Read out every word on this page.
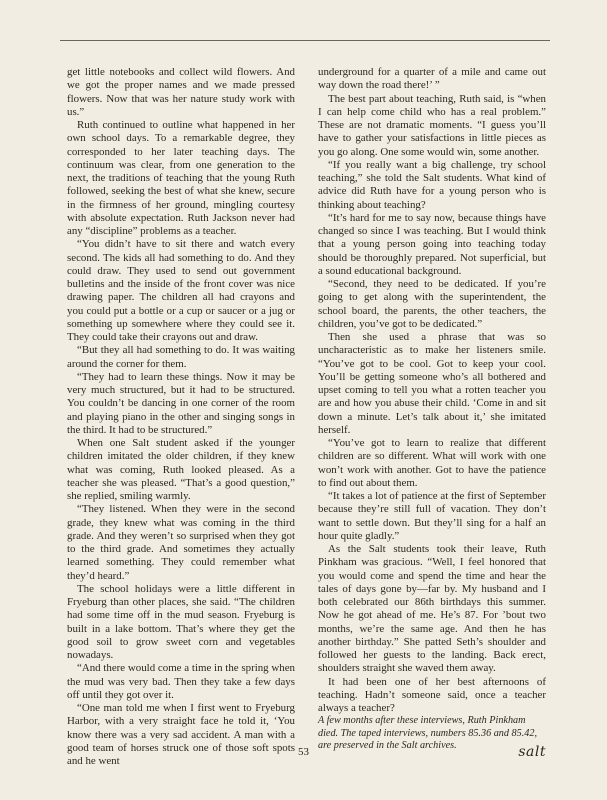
get little notebooks and collect wild flowers. And we got the proper names and we made pressed flowers. Now that was her nature study work with us.”

Ruth continued to outline what happened in her own school days. To a remarkable degree, they corresponded to her later teaching days. The continuum was clear, from one generation to the next, the traditions of teaching that the young Ruth followed, seeking the best of what she knew, secure in the firmness of her ground, mingling courtesy with absolute expectation. Ruth Jackson never had any “discipline” problems as a teacher.

“You didn’t have to sit there and watch every second. The kids all had something to do. And they could draw. They used to send out government bulletins and the inside of the front cover was nice drawing paper. The children all had crayons and you could put a bottle or a cup or saucer or a jug or something up somewhere where they could see it. They could take their crayons out and draw.

“But they all had something to do. It was waiting around the corner for them.

“They had to learn these things. Now it may be very much structured, but it had to be structured. You couldn’t be dancing in one corner of the room and playing piano in the other and singing songs in the third. It had to be structured.”

When one Salt student asked if the younger children imitated the older children, if they knew what was coming, Ruth looked pleased. As a teacher she was pleased. “That’s a good question,” she replied, smiling warmly.

“They listened. When they were in the second grade, they knew what was coming in the third grade. And they weren’t so surprised when they got to the third grade. And sometimes they actually learned something. They could remember what they’d heard.”

The school holidays were a little different in Fryeburg than other places, she said. “The children had some time off in the mud season. Fryeburg is built in a lake bottom. That’s where they get the good soil to grow sweet corn and vegetables nowadays.

“And there would come a time in the spring when the mud was very bad. Then they take a few days off until they got over it.

“One man told me when I first went to Fryeburg Harbor, with a very straight face he told it, ‘You know there was a very sad accident. A man with a good team of horses struck one of those soft spots and he went

underground for a quarter of a mile and came out way down the road there!’ ”

The best part about teaching, Ruth said, is “when I can help come child who has a real problem.” These are not dramatic moments. “I guess you’ll have to gather your satisfactions in little pieces as you go along. One some would win, some another.

“If you really want a big challenge, try school teaching,” she told the Salt students. What kind of advice did Ruth have for a young person who is thinking about teaching?

“It’s hard for me to say now, because things have changed so since I was teaching. But I would think that a young person going into teaching today should be thoroughly prepared. Not superficial, but a sound educational background.

“Second, they need to be dedicated. If you’re going to get along with the superintendent, the school board, the parents, the other teachers, the children, you’ve got to be dedicated.”

Then she used a phrase that was so uncharacteristic as to make her listeners smile. “You’ve got to be cool. Got to keep your cool. You’ll be getting someone who’s all bothered and upset coming to tell you what a rotten teacher you are and how you abuse their child. ‘Come in and sit down a minute. Let’s talk about it,’ she imitated herself.

“You’ve got to learn to realize that different children are so different. What will work with one won’t work with another. Got to have the patience to find out about them.

“It takes a lot of patience at the first of September because they’re still full of vacation. They don’t want to settle down. But they’ll sing for a half an hour quite gladly.”

As the Salt students took their leave, Ruth Pinkham was gracious. “Well, I feel honored that you would come and spend the time and hear the tales of days gone by—far by. My husband and I both celebrated our 86th birthdays this summer. Now he got ahead of me. He’s 87. For ’bout two months, we’re the same age. And then he has another birthday.” She patted Seth’s shoulder and followed her guests to the landing. Back erect, shoulders straight she waved them away.

It had been one of her best afternoons of teaching. Hadn’t someone said, once a teacher always a teacher?

A few months after these interviews, Ruth Pinkham died. The taped interviews, numbers 85.36 and 85.42, are preserved in the Salt archives.	salt
53
